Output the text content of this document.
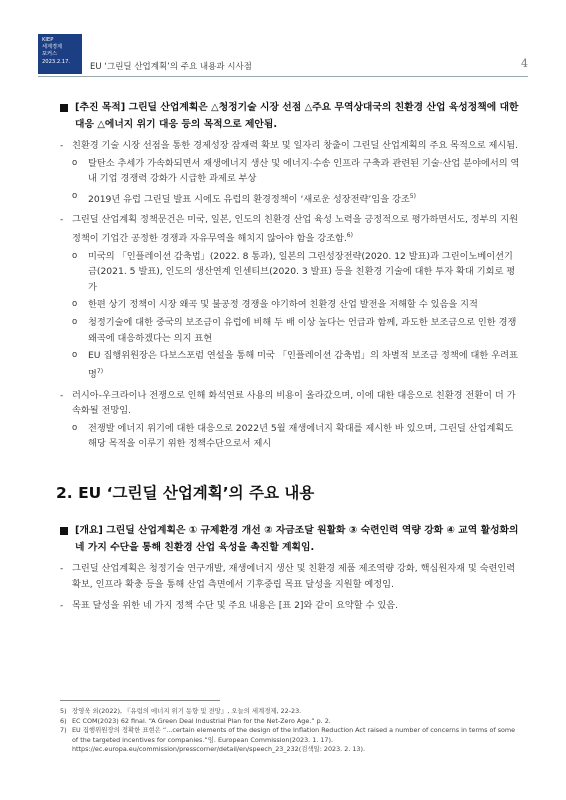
KIEP
세계경제
포커스
2023.2.17.
EU ‘그린딜 산업계획’의 주요 내용과 시사점	4
[추진 목적] 그린딜 산업계획은 △청정기술 시장 선점 △주요 무역상대국의 친환경 산업 육성정책에 대한 대응 △에너지 위기 대응 등의 목적으로 제안됨.
- 친환경 기술 시장 선점을 통한 경제성장 잠재력 확보 및 일자리 창출이 그린딜 산업계획의 주요 목적으로 제시됨.
o 탈탄소 추세가 가속화되면서 재생에너지 생산 및 에너지·수송 인프라 구축과 관련된 기술·산업 분야에서의 역내 기업 경쟁력 강화가 시급한 과제로 부상
o 2019년 유럽 그린딜 발표 시에도 유럽의 환경정책이 ‘새로운 성장전략’임을 강조$^{5)}$
- 그린딜 산업계획 정책문건은 미국, 일본, 인도의 친환경 산업 육성 노력을 긍정적으로 평가하면서도, 정부의 지원정책이 기업간 공정한 경쟁과 자유무역을 해치지 않아야 함을 강조함.$^{6)}$
o 미국의 「인플레이션 감축법」(2022. 8 통과), 일본의 그린성장전략(2020. 12 발표)과 그린이노베이션기금(2021. 5 발표), 인도의 생산연계 인센티브(2020. 3 발표) 등을 친환경 기술에 대한 투자 확대 기회로 평가
o 한편 상기 정책이 시장 왜곡 및 불공정 경쟁을 야기하여 친환경 산업 발전을 저해할 수 있음을 지적
o 청정기술에 대한 중국의 보조금이 유럽에 비해 두 배 이상 높다는 언급과 함께, 과도한 보조금으로 인한 경쟁 왜곡에 대응하겠다는 의지 표현
o EU 집행위원장은 다보스포럼 연설을 통해 미국 「인플레이션 감축법」의 차별적 보조금 정책에 대한 우려표명$^{7)}$
- 러시아-우크라이나 전쟁으로 인해 화석연료 사용의 비용이 올라갔으며, 이에 대한 대응으로 친환경 전환이 더 가속화될 전망임.
o 전쟁발 에너지 위기에 대한 대응으로 2022년 5월 재생에너지 확대를 제시한 바 있으며, 그린딜 산업계획도 해당 목적을 이루기 위한 정책수단으로서 제시
2. EU ‘그린딜 산업계획’의 주요 내용
[개요] 그린딜 산업계획은 ① 규제환경 개선 ② 자금조달 원활화 ③ 숙련인력 역량 강화 ④ 교역 활성화의 네 가지 수단을 통해 친환경 산업 육성을 촉진할 계획임.
- 그린딜 산업계획은 청정기술 연구개발, 재생에너지 생산 및 친환경 제품 제조역량 강화, 핵심원자재 및 숙련인력 확보, 인프라 확충 등을 통해 산업 측면에서 기후중립 목표 달성을 지원할 예정임.
- 목표 달성을 위한 네 가지 정책 수단 및 주요 내용은 [표 2]와 같이 요약할 수 있음.
5) 장영욱 외(2022), 『유럽의 에너지 위기 동향 및 전망』, 오늘의 세계경제, 22-23.
6) EC COM(2023) 62 final. “A Green Deal Industrial Plan for the Net-Zero Age.” p. 2.
7) EU 집행위원장의 정확한 표현은 “...certain elements of the design of the Inflation Reduction Act raised a number of concerns in terms of some of the targeted incentives for companies.”임. European Commission(2023. 1. 17). https://ec.europa.eu/commission/presscorner/detail/en/speech_23_232(검색일: 2023. 2. 13).
